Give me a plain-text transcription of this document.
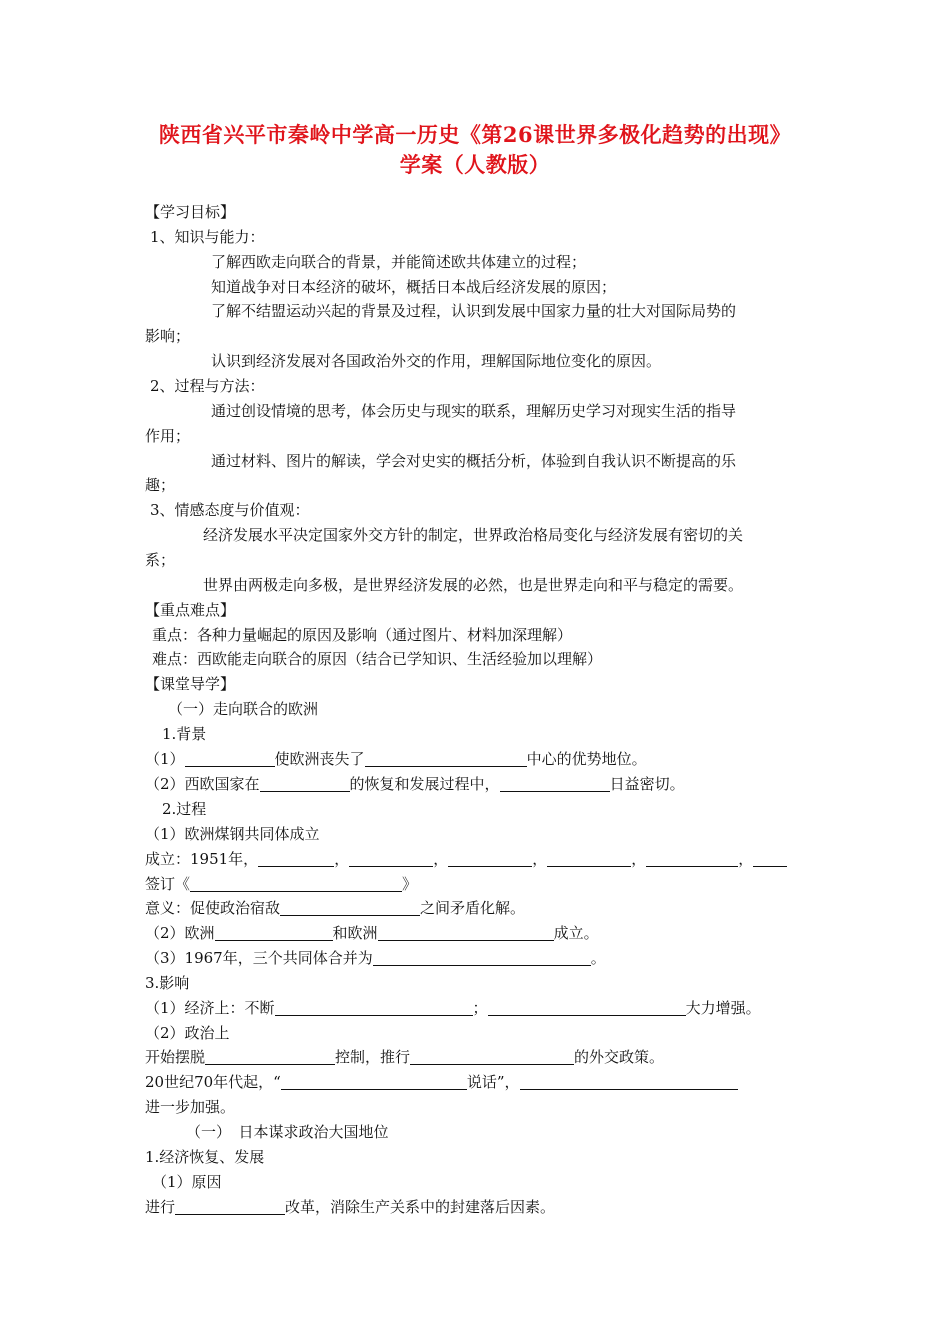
陕西省兴平市秦岭中学高一历史《第26课世界多极化趋势的出现》
学案（人教版）
【学习目标】
1、知识与能力：
了解西欧走向联合的背景，并能简述欧共体建立的过程；
知道战争对日本经济的破坏，概括日本战后经济发展的原因；
了解不结盟运动兴起的背景及过程，认识到发展中国家力量的壮大对国际局势的
影响；
认识到经济发展对各国政治外交的作用，理解国际地位变化的原因。
2、过程与方法：
通过创设情境的思考，体会历史与现实的联系，理解历史学习对现实生活的指导
作用；
通过材料、图片的解读，学会对史实的概括分析，体验到自我认识不断提高的乐
趣；
3、情感态度与价值观：
经济发展水平决定国家外交方针的制定，世界政治格局变化与经济发展有密切的关
系；
世界由两极走向多极，是世界经济发展的必然，也是世界走向和平与稳定的需要。
【重点难点】
重点：各种力量崛起的原因及影响（通过图片、材料加深理解）
难点：西欧能走向联合的原因（结合已学知识、生活经验加以理解）
【课堂导学】
（一）走向联合的欧洲
1.背景
（1）	使欧洲丧失了	中心的优势地位。
（2）西欧国家在	的恢复和发展过程中，	日益密切。
2.过程
（1）欧洲煤钢共同体成立
成立：1951年，	，	，	，	，	，
签订《	》
意义：促使政治宿敌	之间矛盾化解。
（2）欧洲	和欧洲	成立。
（3）1967年，三个共同体合并为	。
3.影响
（1）经济上：不断	；	大力增强。
（2）政治上
开始摆脱	控制，推行	的外交政策。
20世纪70年代起，“	说话”，
进一步加强。
（一）　日本谋求政治大国地位
1.经济恢复、发展
（1）原因
进行	改革，消除生产关系中的封建落后因素。
